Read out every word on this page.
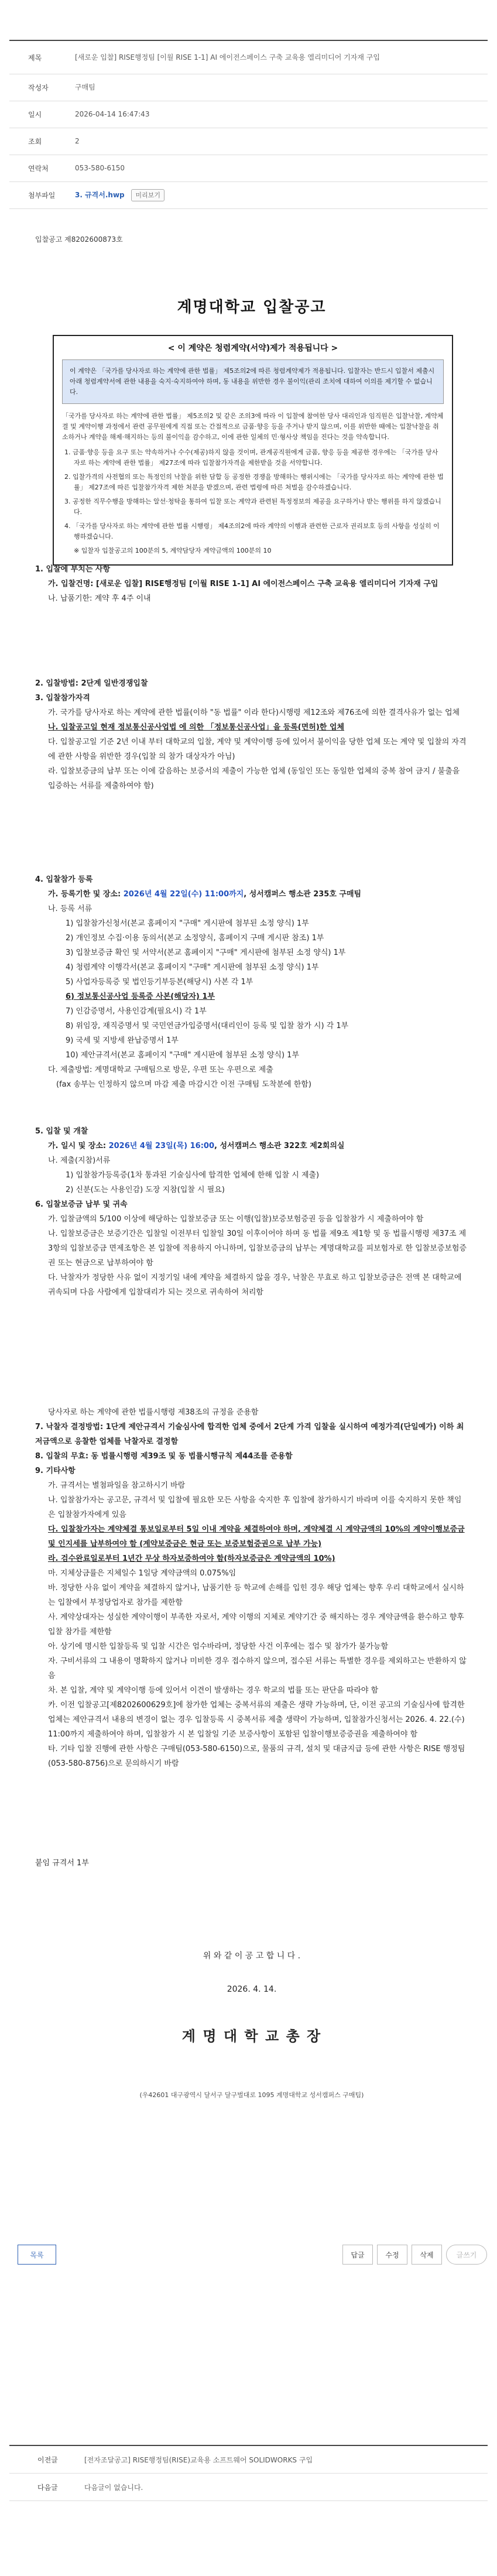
제목	[새로운 입찰] RISE행정팀 [이월 RISE 1-1] AI 에이전스페이스 구축 교육용 엘리미디어 기자재 구입
작성자	구매팀
일시	2026-04-14 16:47:43
조회	2
연락처	053-580-6150
첨부파일	3. 규격서.hwp 미리보기
입찰공고 제8202600873호
계명대학교 입찰공고
< 이 계약은 청렴계약(서약)제가 적용됩니다 >
이 계약은 「국가를 당사자로 하는 계약에 관한 법률」 제5조의2에 따른 청렴계약제가 적용됩니다. 입찰자는 반드시 입찰서 제출시 아래 청렴계약서에 관한 내용을 숙지·숙지하여야 하며, 동 내용을 위반한 경우 불이익(관리 조치에 대하여 이의를 제기할 수 없습니다.
「국가를 당사자로 하는 계약에 관한 법률」 제5조의2 및 같은 조의3에 따라 이 입찰에 참여한 당사 대리인과 임직원은 입찰낙찰, 계약체결 및 계약이행 과정에서 관련 공무원에게 직접 또는 간접적으로 금품·향응 등을 주거나 받지 않으며, 이를 위반한 때에는 입찰낙찰을 취소하거나 계약을 해제·해지하는 등의 불이익을 감수하고, 이에 관한 일체의 민·형사상 책임을 진다는 것을 약속합니다.
1. 금품·향응 등을 요구 또는 약속하거나 수수(제공)하지 않을 것이며, 관계공직원에게 금품, 향응 등을 제공한 경우에는 「국가를 당사자로 하는 계약에 관한 법률」 제27조에 따라 입찰참가자격을 제한받을 것을 서약합니다.
2. 입찰가격의 사전협의 또는 특정인의 낙찰을 위한 담합 등 공정한 경쟁을 방해하는 행위시에는 「국가를 당사자로 하는 계약에 관한 법률」 제27조에 따른 입찰참가자격 제한 처분을 받겠으며, 관련 법령에 따른 처벌을 감수하겠습니다.
3. 공정한 직무수행을 방해하는 알선·청탁을 통하여 입찰 또는 계약과 관련된 특정정보의 제공을 요구하거나 받는 행위를 하지 않겠습니다.
4. 「국가를 당사자로 하는 계약에 관한 법률 시행령」 제4조의2에 따라 계약의 이행과 관련한 근로자 권리보호 등의 사항을 성실히 이행하겠습니다.
※ 입찰자 입찰공고의 100분의 5, 계약담당자 계약금액의 100분의 10
1. 입찰에 부치는 사항
가. 입찰건명: [새로운 입찰] RISE행정팀 [이월 RISE 1-1] AI 에이전스페이스 구축 교육용 엘리미디어 기자재 구입
나. 납품기한: 계약 후 4주 이내
2. 입찰방법: 2단계 일반경쟁입찰
3. 입찰참가자격
가. 국가를 당사자로 하는 계약에 관한 법률(이하 "동 법률" 이라 한다)시행령 제12조와 제76조에 의한 결격사유가 없는 업체
나. 입찰공고일 현재 정보통신공사업법 에 의한 「정보통신공사업」을 등록(면허)한 업체
다. 입찰공고일 기준 2년 이내 부터 대학교의 입찰, 계약 및 계약이행 등에 있어서 불이익을 당한 업체 또는 계약 및 입찰의 자격에 관한 사항을 위반한 경우(입찰 의 참가 대상자가 아님)
라. 입찰보증금의 납부 또는 이에 갈음하는 보증서의 제출이 가능한 업체 (동일인 또는 동일한 업체의 중복 참여 금지 / 불출을 입증하는 서류를 제출하여야 함)
4. 입찰참가 등록
가. 등록기한 및 장소: 2026년 4월 22일(수) 11:00까지, 성서캠퍼스 행소관 235호 구매팀
나. 등록 서류
1) 입찰참가신청서(본교 홈페이지 "구매" 게시판에 첨부된 소정 양식) 1부
2) 개인정보 수집·이용 동의서(본교 소정양식, 홈페이지 구매 게시판 참조) 1부
3) 입찰보증금 확인 및 서약서(본교 홈페이지 "구매" 게시판에 첨부된 소정 양식) 1부
4) 청렴계약 이행각서(본교 홈페이지 "구매" 게시판에 첨부된 소정 양식) 1부
5) 사업자등록증 및 법인등기부등본(해당시) 사본 각 1부
6) 정보통신공사업 등록증 사본(해당자) 1부
7) 인감증명서, 사용인감계(필요시) 각 1부
8) 위임장, 재직증명서 및 국민연금가입증명서(대리인이 등록 및 입찰 참가 시) 각 1부
9) 국세 및 지방세 완납증명서 1부
10) 제안규격서(본교 홈페이지 "구매" 게시판에 첨부된 소정 양식) 1부
다. 제출방법: 계명대학교 구매팀으로 방문, 우편 또는 우편으로 제출
(fax 송부는 인정하지 않으며 마감 제출 마감시간 이전 구매팀 도착분에 한함)
5. 입찰 및 개찰
가. 일시 및 장소: 2026년 4월 23일(목) 16:00, 성서캠퍼스 행소관 322호 제2회의실
나. 제출(지참)서류
1) 입찰참가등록증(1차 통과된 기술심사에 합격한 업체에 한해 입찰 시 제출)
2) 신분(도는 사용인감) 도장 지참(입찰 시 필요)
6. 입찰보증금 납부 및 귀속
가. 입찰금액의 5/100 이상에 해당하는 입찰보증금 또는 이행(입찰)보증보험증권 등을 입찰참가 시 제출하여야 함
나. 입찰보증금은 보증기간은 입찰일 이전부터 입찰일 30일 이후이어야 하며 동 법률 제9조 제1항 및 동 법률시행령 제37조 제3항의 입찰보증금 면제조항은 본 입찰에 적용하지 아니하며, 입찰보증금의 납부는 계명대학교를 피보험자로 한 입찰보증보험증권 또는 현금으로 납부하여야 함
다. 낙찰자가 정당한 사유 없이 지정기일 내에 계약을 체결하지 않을 경우, 낙찰은 무효로 하고 입찰보증금은 전액 본 대학교에 귀속되며 다음 사람에게 입찰대리가 되는 것으로 귀속하여 처리함
당사자로 하는 계약에 관한 법률시행령 제38조의 규정을 준용함
7. 낙찰자 결정방법: 1단계 제안규격서 기술심사에 합격한 업체 중에서 2단계 가격 입찰을 실시하여 예정가격(단일예가) 이하 최저금액으로 응찰한 업체를 낙찰자로 결정함
8. 입찰의 무효: 동 법률시행령 제39조 및 동 법률시행규칙 제44조를 준용함
9. 기타사항
가. 규격서는 별첨파일을 참고하시기 바람
나. 입찰참가자는 공고문, 규격서 및 입찰에 필요한 모든 사항을 숙지한 후 입찰에 참가하시기 바라며 이를 숙지하지 못한 책임은 입찰참가자에게 있음
다. 입찰참가자는 계약체결 통보일로부터 5일 이내 계약을 체결하여야 하며, 계약체결 시 계약금액의 10%의 계약이행보증금 및 인지세를 납부하여야 함 (계약보증금은 현금 또는 보증보험증권으로 납부 가능)
라. 검수완료일로부터 1년간 무상 하자보증하여야 함(하자보증금은 계약금액의 10%)
마. 지체상금률은 지체일수 1일당 계약금액의 0.075%임
바. 정당한 사유 없이 계약을 체결하지 않거나, 납품기한 등 학교에 손해를 입힌 경우 해당 업체는 향후 우리 대학교에서 실시하는 입찰에서 부정당업자로 참가를 제한함
사. 계약상대자는 성실한 계약이행이 부족한 자로서, 계약 이행의 지체로 계약기간 중 해지하는 경우 계약금액을 환수하고 향후 입찰 참가를 제한함
아. 상기에 명시한 입찰등록 및 입찰 시간은 엄수바라며, 정당한 사건 이후에는 접수 및 참가가 불가능함
자. 구비서류의 그 내용이 명확하지 않거나 미비한 경우 접수하지 않으며, 접수된 서류는 특별한 경우를 제외하고는 반환하지 않음
차. 본 입찰, 계약 및 계약이행 등에 있어서 이견이 발생하는 경우 학교의 법률 또는 판단을 따라야 함
카. 이전 입찰공고[제8202600629호]에 참가한 업체는 중복서류의 제출은 생략 가능하며, 단, 이전 공고의 기술심사에 합격한 업체는 제안규격서 내용의 변경이 없는 경우 입찰등록 시 중복서류 제출 생략이 가능하며, 입찰참가신청서는 2026. 4. 22.(수) 11:00까지 제출하여야 하며, 입찰참가 시 본 입찰일 기준 보증사항이 포함된 입찰이행보증증권을 제출하여야 함
타. 기타 입찰 진행에 관한 사항은 구매팀(053-580-6150)으로, 물품의 규격, 설치 및 대금지급 등에 관한 사항은 RISE 행정팀(053-580-8756)으로 문의하시기 바람
붙임 규격서 1부
위 와 같 이 공 고 합 니 다 .
2026. 4. 14.
계 명 대 학 교 총 장
(우42601 대구광역시 달서구 달구벌대로 1095 계명대학교 성서캠퍼스 구매팀)
목록	답글	수정	삭제	글쓰기
이전글	[전자조달공고] RISE행정팀(RISE)교육용 소프트웨어 SOLIDWORKS 구입
다음글	다음글이 없습니다.
